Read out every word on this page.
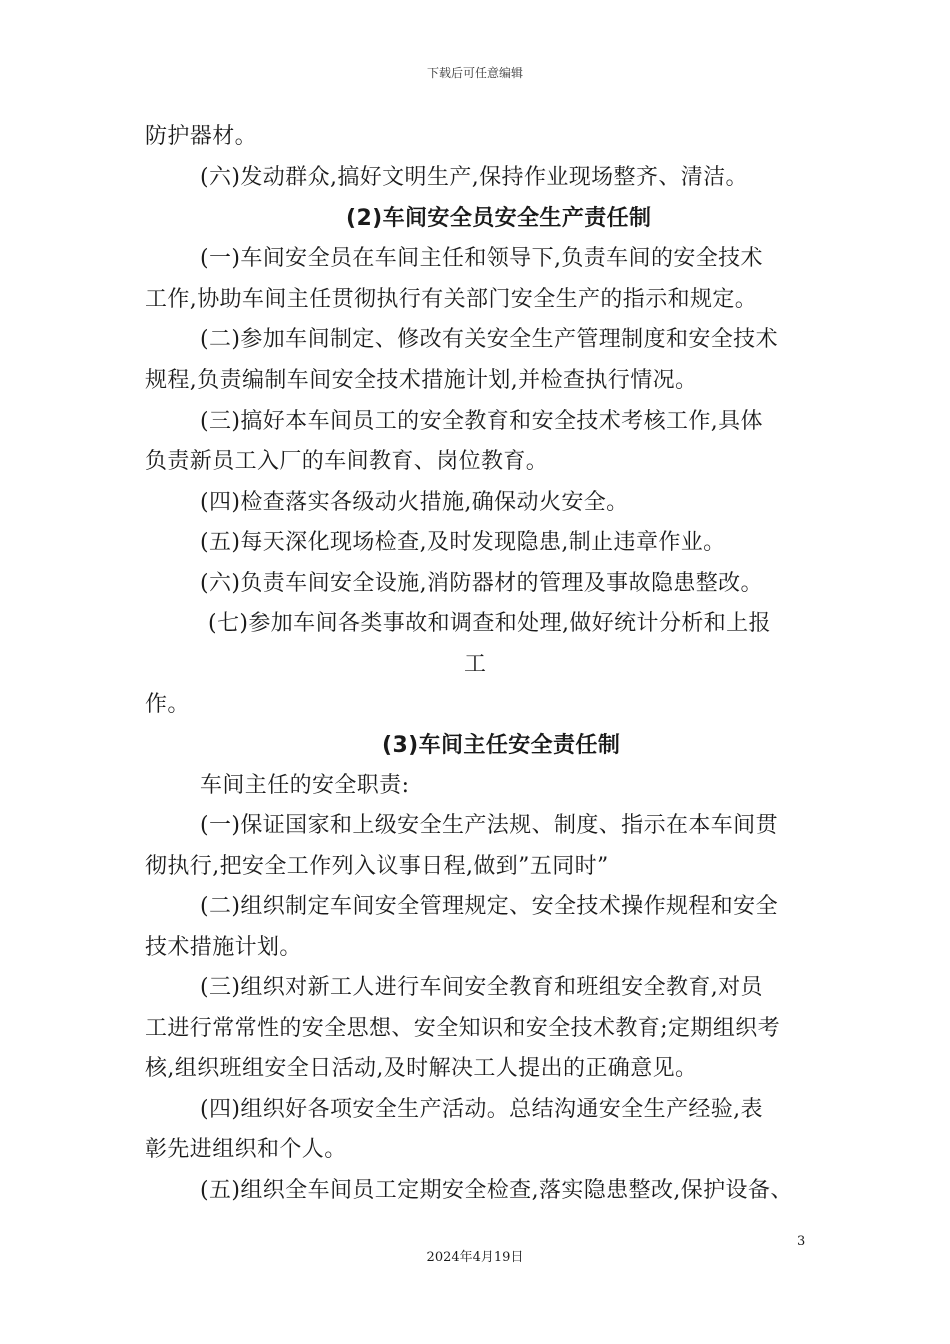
下载后可任意编辑
防护器材。
(六)发动群众,搞好文明生产,保持作业现场整齐、清洁。
(2)车间安全员安全生产责任制
(一)车间安全员在车间主任和领导下,负责车间的安全技术
工作,协助车间主任贯彻执行有关部门安全生产的指示和规定。
(二)参加车间制定、修改有关安全生产管理制度和安全技术
规程,负责编制车间安全技术措施计划,并检查执行情况。
(三)搞好本车间员工的安全教育和安全技术考核工作,具体
负责新员工入厂的车间教育、岗位教育。
(四)检查落实各级动火措施,确保动火安全。
(五)每天深化现场检查,及时发现隐患,制止违章作业。
(六)负责车间安全设施,消防器材的管理及事故隐患整改。
(七)参加车间各类事故和调查和处理,做好统计分析和上报
工
作。
(3)车间主任安全责任制
车间主任的安全职责:
(一)保证国家和上级安全生产法规、制度、指示在本车间贯
彻执行,把安全工作列入议事日程,做到”五同时”
(二)组织制定车间安全管理规定、安全技术操作规程和安全
技术措施计划。
(三)组织对新工人进行车间安全教育和班组安全教育,对员
工进行常常性的安全思想、安全知识和安全技术教育;定期组织考
核,组织班组安全日活动,及时解决工人提出的正确意见。
(四)组织好各项安全生产活动。总结沟通安全生产经验,表
彰先进组织和个人。
(五)组织全车间员工定期安全检查,落实隐患整改,保护设备、
3
2024年4月19日
